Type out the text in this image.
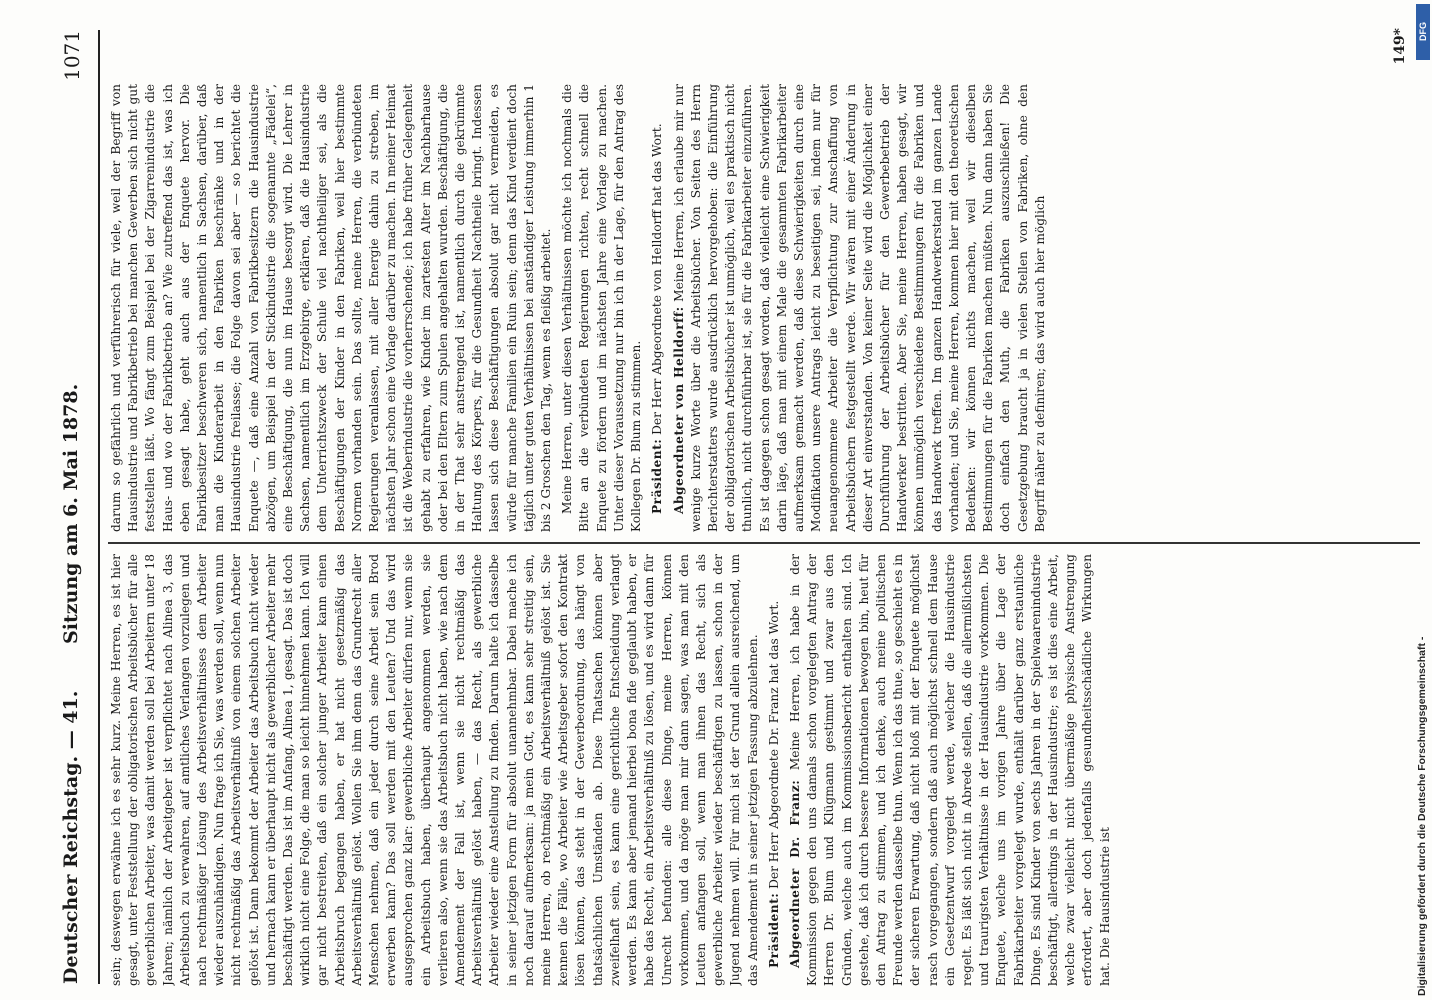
Deutscher Reichstag. — 41.
Sitzung am 6. Mai 1878.
1071

sein; deswegen erwähne ich es sehr kurz. Meine Herren, es ist hier gesagt, unter Feststellung der obligatorischen Arbeitsbücher für alle gewerblichen Arbeiter, was damit werden soll bei Arbeitern unter 18 Jahren; nämlich der Arbeitgeber ist verpflichtet nach Alinea 3, das Arbeitsbuch zu verwahren, auf amtliches Verlangen vorzulegen und nach rechtmäßiger Lösung des Arbeitsverhältnisses dem Arbeiter wieder auszuhändigen. Nun frage ich Sie, was werden soll, wenn nun nicht rechtmäßig das Arbeitsverhältniß von einem solchen Arbeiter gelöst ist. Dann bekommt der Arbeiter das Arbeitsbuch nicht wieder und hernach kann er überhaupt nicht als gewerblicher Arbeiter mehr beschäftigt werden. Das ist im Anfang, Alinea 1, gesagt. Das ist doch wirklich nicht eine Folge, die man so leicht hinnehmen kann. Ich will gar nicht bestreiten, daß ein solcher junger Arbeiter kann einen Arbeitsbruch begangen haben, er hat nicht gesetzmäßig das Arbeitsverhältniß gelöst. Wollen Sie ihm denn das Grundrecht aller Menschen nehmen, daß ein jeder durch seine Arbeit sein Brod erwerben kann? Das soll werden mit den Leuten? Und das wird ausgesprochen ganz klar: gewerbliche Arbeiter dürfen nur, wenn sie ein Arbeitsbuch haben, überhaupt angenommen werden, sie verlieren also, wenn sie das Arbeitsbuch nicht haben, wie nach dem Amendement der Fall ist, wenn sie nicht rechtmäßig das Arbeitsverhältniß gelöst haben, — das Recht, als gewerbliche Arbeiter wieder eine Anstellung zu finden. Darum halte ich dasselbe in seiner jetzigen Form für absolut unannehmbar. Dabei mache ich noch darauf aufmerksam: ja mein Gott, es kann sehr streitig sein, meine Herren, ob rechtmäßig ein Arbeitsverhältniß gelöst ist. Sie kennen die Fälle, wo Arbeiter wie Arbeitsgeber sofort den Kontrakt lösen können, das steht in der Gewerbeordnung, das hängt von thatsächlichen Umständen ab. Diese Thatsachen können aber zweifelhaft sein, es kann eine gerichtliche Entscheidung verlangt werden. Es kann aber jemand hierbei bona fide geglaubt haben, er habe das Recht, ein Arbeitsverhältniß zu lösen, und es wird dann für Unrecht befunden: alle diese Dinge, meine Herren, können vorkommen, und da möge man mir dann sagen, was man mit den Leuten anfangen soll, wenn man ihnen das Recht, sich als gewerbliche Arbeiter wieder beschäftigen zu lassen, schon in der Jugend nehmen will. Für mich ist der Grund allein ausreichend, um das Amendement in seiner jetzigen Fassung abzulehnen. Präsident: Der Herr Abgeordnete Dr. Franz hat das Wort. Abgeordneter Dr. Franz: Meine Herren, ich habe in der Kommission gegen den uns damals schon vorgelegten Antrag der Herren Dr. Blum und Klügmann gestimmt und zwar aus den Gründen, welche auch im Kommissionsbericht enthalten sind. Ich gestehe, daß ich durch bessere Informationen bewogen bin, heut für den Antrag zu stimmen, und ich denke, auch meine politischen Freunde werden dasselbe thun. Wenn ich das thue, so geschieht es in der sicheren Erwartung, daß nicht bloß mit der Enquete möglichst rasch vorgegangen, sondern daß auch möglichst schnell dem Hause ein Gesetzentwurf vorgelegt werde, welcher die Hausindustrie regelt. Es läßt sich nicht in Abrede stellen, daß die allermißlichsten und traurigsten Verhältnisse in der Hausindustrie vorkommen. Die Enquete, welche uns im vorigen Jahre über die Lage der Fabrikarbeiter vorgelegt wurde, enthält darüber ganz erstaunliche Dinge. Es sind Kinder von sechs Jahren in der Spielwaarenindustrie beschäftigt, allerdings in der Hausindustrie; es ist dies eine Arbeit, welche zwar vielleicht nicht übermäßige physische Anstrengung erfordert, aber doch jedenfalls gesundheitsschädliche Wirkungen hat. Die Hausindustrie ist

darum so gefährlich und verführerisch für viele, weil der Begriff von Hausindustrie und Fabrikbetrieb bei manchen Gewerben sich nicht gut feststellen läßt. Wo fängt zum Beispiel bei der Zigarrenindustrie die Haus- und wo der Fabrikbetrieb an? Wie zutreffend das ist, was ich eben gesagt habe, geht auch aus der Enquete hervor. Die Fabrikbesitzer beschweren sich, namentlich in Sachsen, darüber, daß man die Kinderarbeit in den Fabriken beschränke und in der Hausindustrie freilasse; die Folge davon sei aber — so berichtet die Enquete —, daß eine Anzahl von Fabrikbesitzern die Hausindustrie abzögen, um Beispiel in der Stickindustrie die sogenannte „Fädelei“, eine Beschäftigung, die nun im Hause besorgt wird. Die Lehrer in Sachsen, namentlich im Erzgebirge, erklären, daß die Hausindustrie dem Unterrichtszweck der Schule viel nachtheiliger sei, als die Beschäftigungen der Kinder in den Fabriken, weil hier bestimmte Normen vorhanden sein. Das sollte, meine Herren, die verbündeten Regierungen veranlassen, mit aller Energie dahin zu streben, im nächsten Jahr schon eine Vorlage darüber zu machen. In meiner Heimat ist die Weberindustrie die vorherrschende; ich habe früher Gelegenheit gehabt zu erfahren, wie Kinder im zartesten Alter im Nachbarhause oder bei den Eltern zum Spulen angehalten wurden. Beschäftigung, die in der That sehr anstrengend ist, namentlich durch die gekrümmte Haltung des Körpers, für die Gesundheit Nachtheile bringt. Indessen lassen sich diese Beschäftigungen absolut gar nicht vermeiden, es würde für manche Familien ein Ruin sein; denn das Kind verdient doch täglich unter guten Verhältnissen bei anständiger Leistung immerhin 1 bis 2 Groschen den Tag, wenn es fleißig arbeitet. Meine Herren, unter diesen Verhältnissen möchte ich nochmals die Bitte an die verbündeten Regierungen richten, recht schnell die Enquete zu fördern und im nächsten Jahre eine Vorlage zu machen. Unter dieser Voraussetzung nur bin ich in der Lage, für den Antrag des Kollegen Dr. Blum zu stimmen. Präsident: Der Herr Abgeordnete von Helldorff hat das Wort. Abgeordneter von Helldorff: Meine Herren, ich erlaube mir nur wenige kurze Worte über die Arbeitsbücher. Von Seiten des Herrn Berichterstatters wurde ausdrücklich hervorgehoben: die Einführung der obligatorischen Arbeitsbücher ist unmöglich, weil es praktisch nicht thunlich, nicht durchführbar ist, sie für die Fabrikarbeiter einzuführen. Es ist dagegen schon gesagt worden, daß vielleicht eine Schwierigkeit darin läge, daß man mit einem Male die gesammten Fabrikarbeiter aufmerksam gemacht werden, daß diese Schwierigkeiten durch eine Modifikation unsere Antrags leicht zu beseitigen sei, indem nur für neuangenommene Arbeiter die Verpflichtung zur Anschaffung von Arbeitsbüchern festgestellt werde. Wir wären mit einer Änderung in dieser Art einverstanden. Von keiner Seite wird die Möglichkeit einer Durchführung der Arbeitsbücher für den Gewerbebetrieb der Handwerker bestritten. Aber Sie, meine Herren, haben gesagt, wir können unmöglich verschiedene Bestimmungen für die Fabriken und das Handwerk treffen. Im ganzen Handwerkerstand im ganzen Lande vorhanden; und Sie, meine Herren, kommen hier mit den theoretischen Bedenken: wir können nichts machen, weil wir dieselben Bestimmungen für die Fabriken machen müßten. Nun dann haben Sie doch einfach den Muth, die Fabriken auszuschließen! Die Gesetzgebung braucht ja in vielen Stellen von Fabriken, ohne den Begriff näher zu definiren; das wird auch hier möglich

149* DFG
Digitalisierung gefördert durch die Deutsche Forschungsgemeinschaft -
